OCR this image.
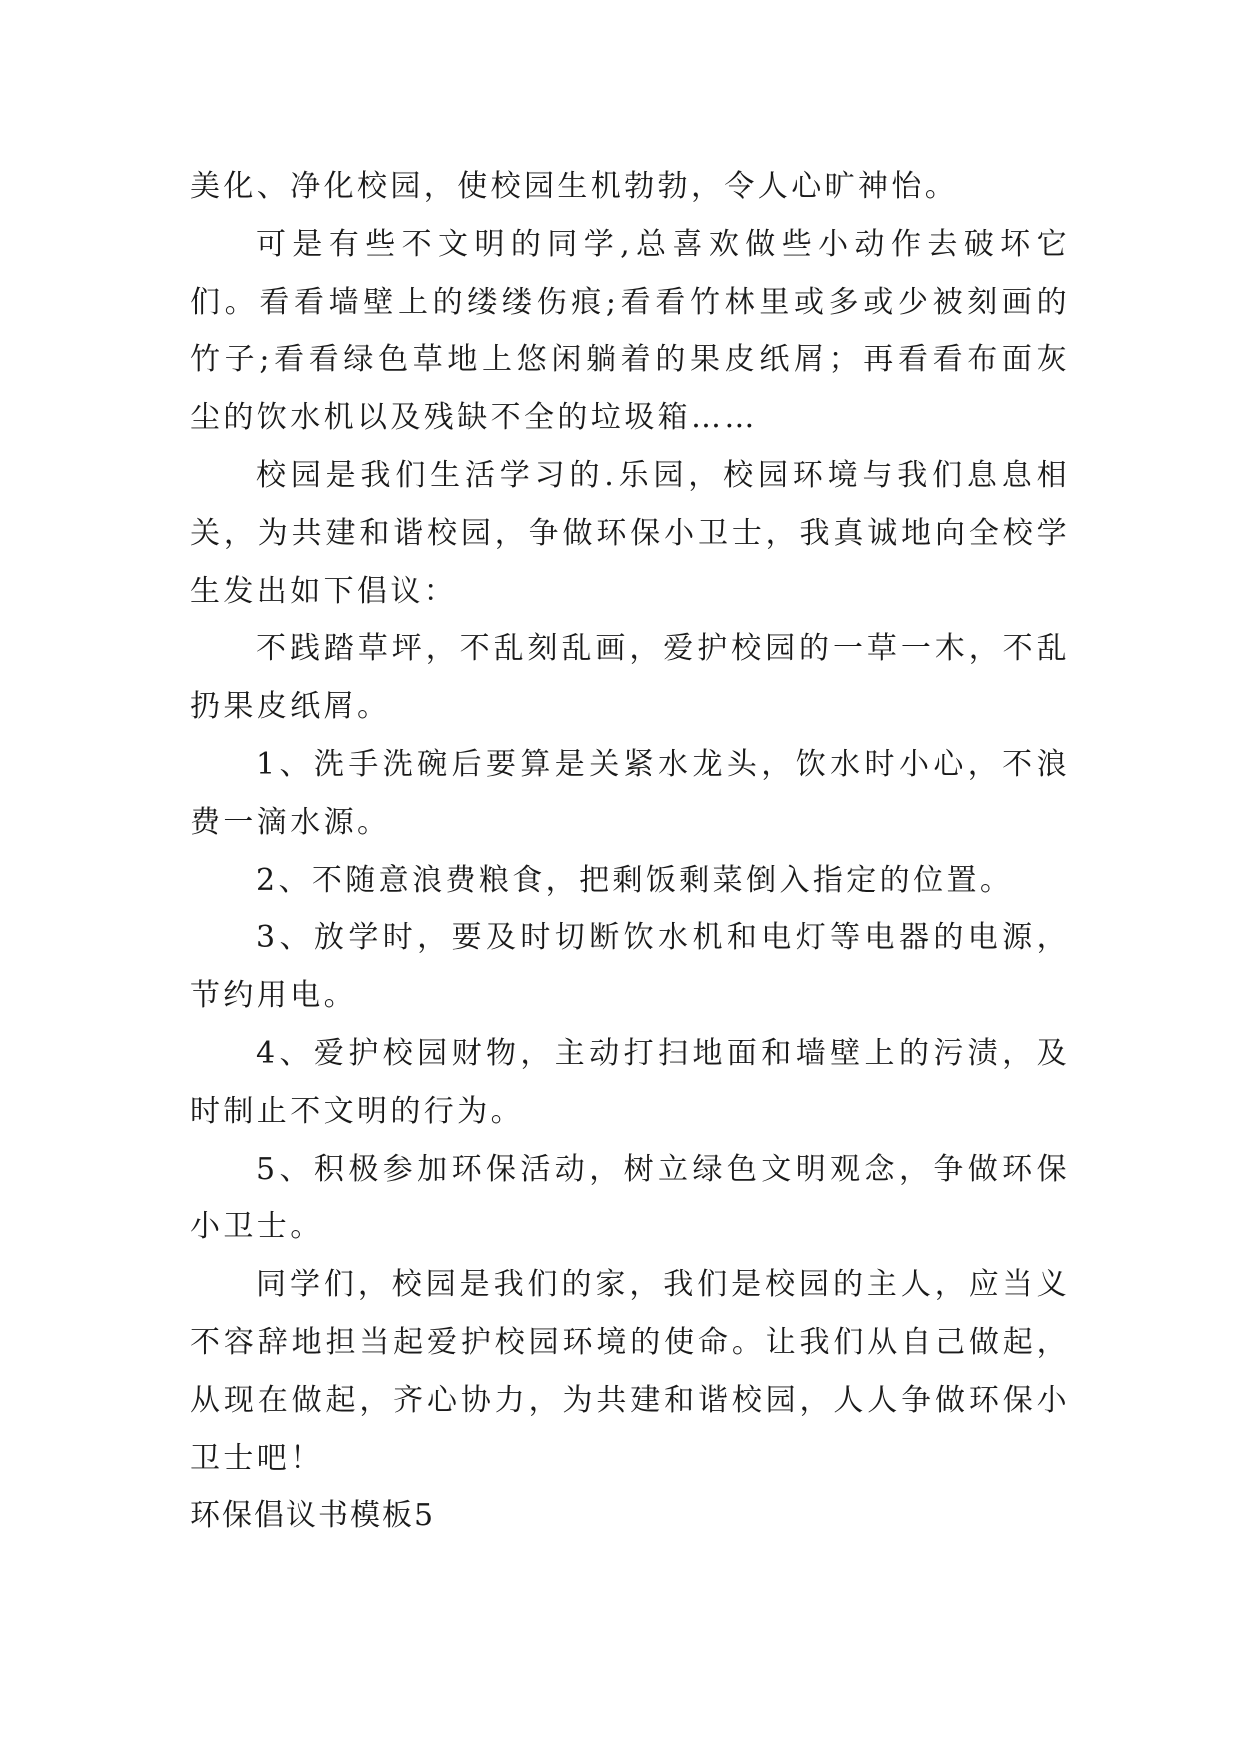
美化、净化校园，使校园生机勃勃，令人心旷神怡。

可是有些不文明的同学,总喜欢做些小动作去破坏它们。看看墙壁上的缕缕伤痕;看看竹林里或多或少被刻画的竹子;看看绿色草地上悠闲躺着的果皮纸屑；再看看布面灰尘的饮水机以及残缺不全的垃圾箱……

校园是我们生活学习的.乐园，校园环境与我们息息相关，为共建和谐校园，争做环保小卫士，我真诚地向全校学生发出如下倡议：

不践踏草坪，不乱刻乱画，爱护校园的一草一木，不乱扔果皮纸屑。

1、洗手洗碗后要算是关紧水龙头，饮水时小心，不浪费一滴水源。

2、不随意浪费粮食，把剩饭剩菜倒入指定的位置。

3、放学时，要及时切断饮水机和电灯等电器的电源，节约用电。

4、爱护校园财物，主动打扫地面和墙壁上的污渍，及时制止不文明的行为。

5、积极参加环保活动，树立绿色文明观念，争做环保小卫士。

同学们，校园是我们的家，我们是校园的主人，应当义不容辞地担当起爱护校园环境的使命。让我们从自己做起，从现在做起，齐心协力，为共建和谐校园，人人争做环保小卫士吧！

环保倡议书模板5
